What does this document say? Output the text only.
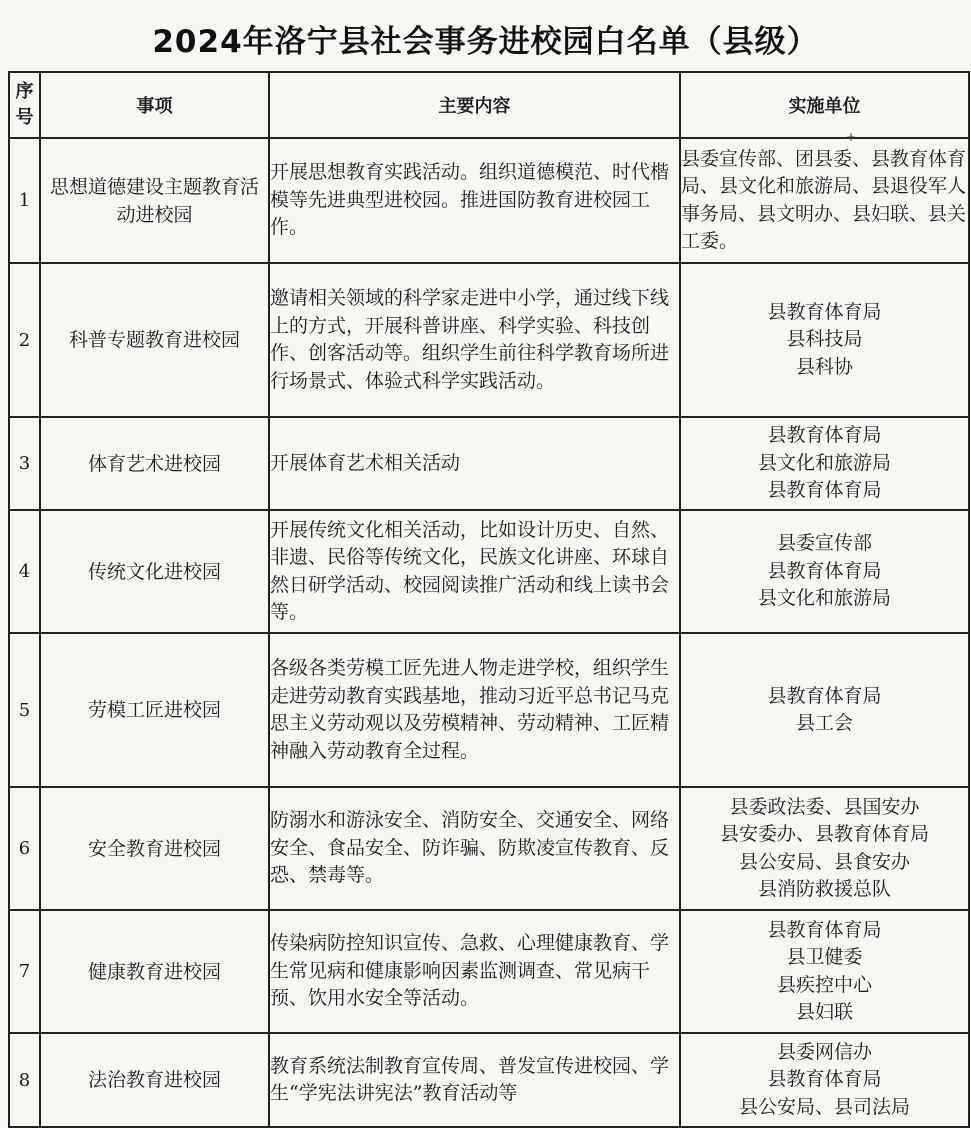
2024年洛宁县社会事务进校园白名单（县级）
序
号	事项	主要内容	实施单位
1	思想道德建设主题教育活动进校园	开展思想教育实践活动。组织道德模范、时代楷模等先进典型进校园。推进国防教育进校园工作。	县委宣传部、团县委、县教育体育局、县文化和旅游局、县退役军人事务局、县文明办、县妇联、县关工委。

2	科普专题教育进校园	邀请相关领域的科学家走进中小学，通过线下线上的方式，开展科普讲座、科学实验、科技创作、创客活动等。组织学生前往科学教育场所进行场景式、体验式科学实践活动。	县教育体育局
县科技局
县科协

3	体育艺术进校园	开展体育艺术相关活动	县教育体育局
县文化和旅游局
县教育体育局

4	传统文化进校园	开展传统文化相关活动，比如设计历史、自然、非遗、民俗等传统文化，民族文化讲座、环球自然日研学活动、校园阅读推广活动和线上读书会等。	县委宣传部
县教育体育局
县文化和旅游局

5	劳模工匠进校园	各级各类劳模工匠先进人物走进学校，组织学生走进劳动教育实践基地，推动习近平总书记马克思主义劳动观以及劳模精神、劳动精神、工匠精神融入劳动教育全过程。	县教育体育局
县工会

6	安全教育进校园	防溺水和游泳安全、消防安全、交通安全、网络安全、食品安全、防诈骗、防欺凌宣传教育、反恐、禁毒等。	县委政法委、县国安办
县安委办、县教育体育局
县公安局、县食安办
县消防救援总队

7	健康教育进校园	传染病防控知识宣传、急救、心理健康教育、学生常见病和健康影响因素监测调查、常见病干预、饮用水安全等活动。	县教育体育局
县卫健委
县疾控中心
县妇联

8	法治教育进校园	教育系统法制教育宣传周、普发宣传进校园、学生“学宪法讲宪法”教育活动等	县委网信办
县教育体育局
县公安局、县司法局
+
